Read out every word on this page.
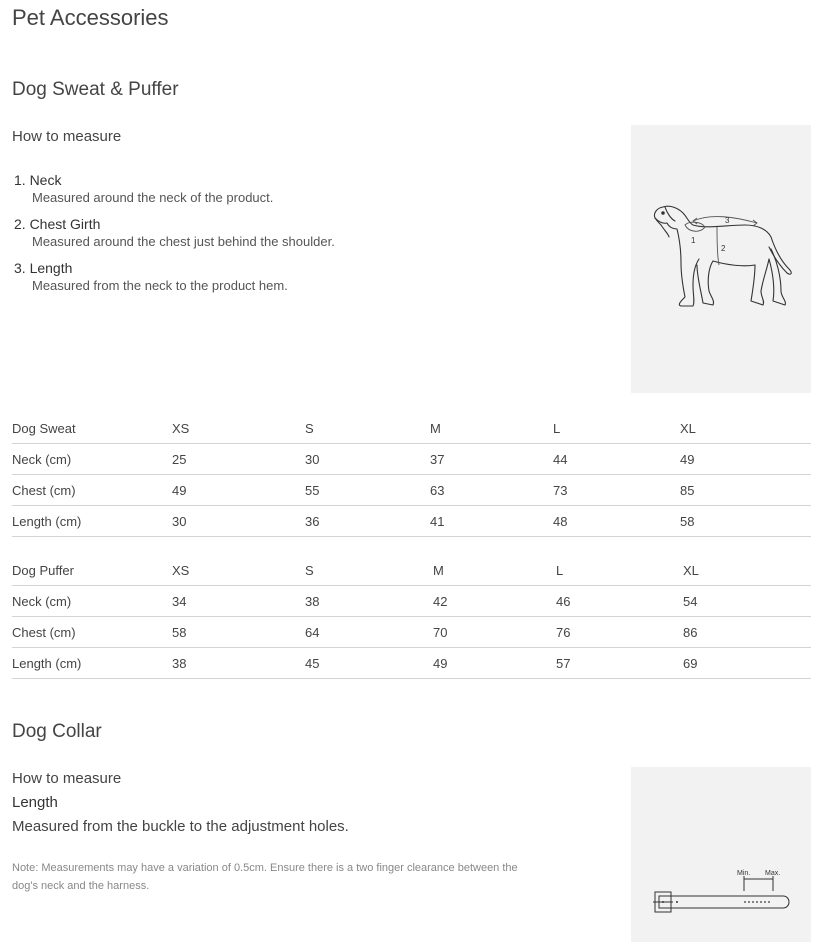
Pet Accessories
Dog Sweat & Puffer
How to measure
1. Neck
Measured around the neck of the product.
2. Chest Girth
Measured around the chest just behind the shoulder.
3. Length
Measured from the neck to the product hem.
1
2
3
Dog Sweat	XS	S	M	L	XL
Neck (cm)	25	30	37	44	49
Chest (cm)	49	55	63	73	85
Length (cm)	30	36	41	48	58
Dog Puffer	XS	S	M	L	XL
Neck (cm)	34	38	42	46	54
Chest (cm)	58	64	70	76	86
Length (cm)	38	45	49	57	69
Dog Collar
How to measure
Length
Measured from the buckle to the adjustment holes.
Note: Measurements may have a variation of 0.5cm. Ensure there is a two finger clearance between the dog's neck and the harness.
Min. Max.
